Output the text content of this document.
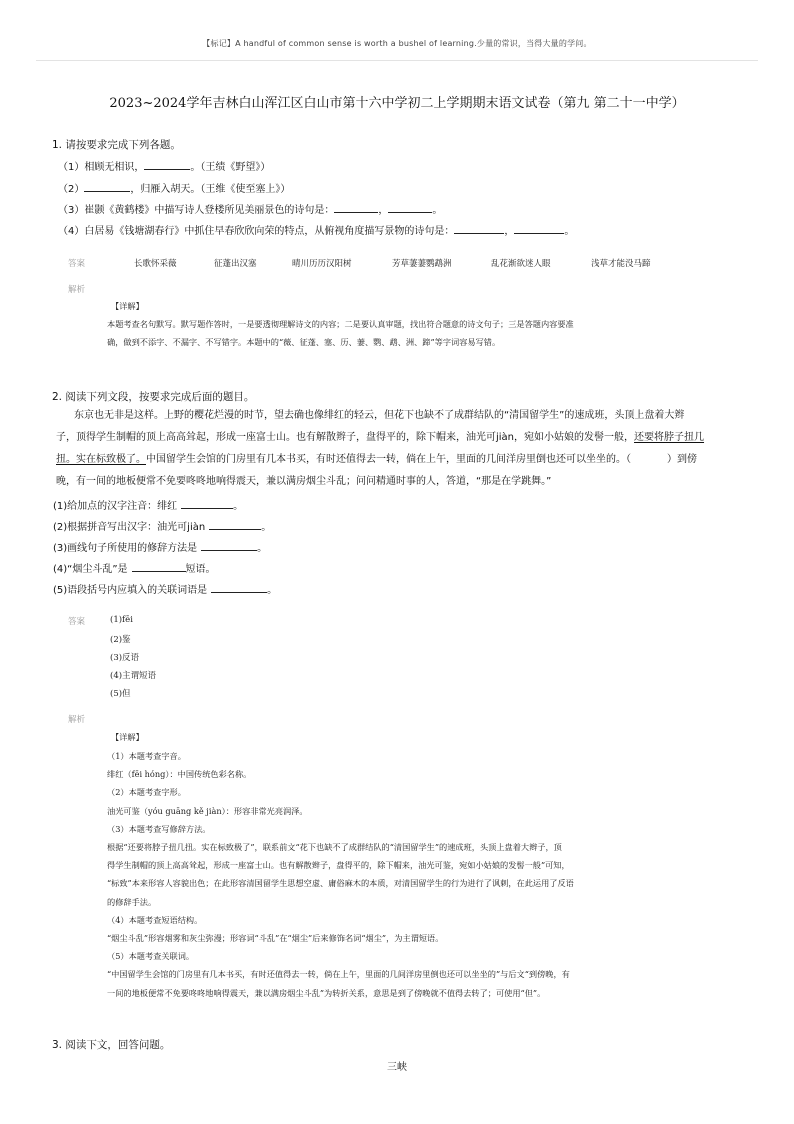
【标记】A handful of common sense is worth a bushel of learning.少量的常识，当得大量的学问。
2023~2024学年吉林白山浑江区白山市第十六中学初二上学期期末语文试卷（第九 第二十一中学）
1. 请按要求完成下列各题。
（1）相顾无相识，	。（王绩《野望》）
（2）	，归雁入胡天。（王维《使至塞上》）
（3）崔颢《黄鹤楼》中描写诗人登楼所见美丽景色的诗句是：	，	。
（4）白居易《钱塘湖春行》中抓住早春欣欣向荣的特点，从俯视角度描写景物的诗句是：	，	。
答案	长歌怀采薇	征蓬出汉塞	晴川历历汉阳树	芳草萋萋鹦鹉洲	乱花渐欲迷人眼	浅草才能没马蹄
解析
【详解】
本题考查名句默写。默写题作答时，一是要透彻理解诗文的内容；二是要认真审题，找出符合题意的诗文句子；三是答题内容要准
确，做到不添字、不漏字、不写错字。本题中的“薇、征蓬、塞、历、萋、鹦、鹉、洲、蹄”等字词容易写错。
2. 阅读下列文段，按要求完成后面的题目。
东京也无非是这样。上野的樱花烂漫的时节，望去确也像绯红的轻云，但花下也缺不了成群结队的“清国留学生”的速成班，头顶上盘着大辫
子，顶得学生制帽的顶上高高耸起，形成一座富士山。也有解散辫子，盘得平的，除下帽来，油光可jiàn，宛如小姑娘的发髻一般，还要将脖子扭几
扭。实在标致极了。中国留学生会馆的门房里有几本书买，有时还值得去一转，倘在上午，里面的几间洋房里倒也还可以坐坐的。（	）到傍
晚，有一间的地板便常不免要咚咚地响得震天，兼以满房烟尘斗乱；问问精通时事的人，答道，“那是在学跳舞。”
(1)给加点的汉字注音：绯红	。
(2)根据拼音写出汉字：油光可jiàn	。
(3)画线句子所使用的修辞方法是	。
(4)“烟尘斗乱”是	短语。
(5)语段括号内应填入的关联词语是	。
答案	(1)fēi
(2)鉴
(3)反语
(4)主谓短语
(5)但
解析
【详解】
（1）本题考查字音。
绯红（fēi hóng）：中国传统色彩名称。
（2）本题考查字形。
油光可鉴（yóu guāng kě jiàn）：形容非常光亮润泽。
（3）本题考查写修辞方法。
根据“还要将脖子扭几扭。实在标致极了”，联系前文“花下也缺不了成群结队的“清国留学生”的速成班，头顶上盘着大辫子，顶
得学生制帽的顶上高高耸起，形成一座富士山。也有解散辫子，盘得平的，除下帽来，油光可鉴，宛如小姑娘的发髻一般”可知，
“标致”本来形容人容貌出色；在此形容清国留学生思想空虚、庸俗麻木的本质，对清国留学生的行为进行了讽刺，在此运用了反语
的修辞手法。
（4）本题考查短语结构。
“烟尘斗乱”形容烟雾和灰尘弥漫；形容词“斗乱”在“烟尘”后来修饰名词“烟尘”，为主谓短语。
（5）本题考查关联词。
“中国留学生会馆的门房里有几本书买，有时还值得去一转，倘在上午，里面的几间洋房里倒也还可以坐坐的”与后文“到傍晚，有
一间的地板便常不免要咚咚地响得震天，兼以满房烟尘斗乱”为转折关系，意思是到了傍晚就不值得去转了；可使用“但”。
3. 阅读下文，回答问题。
三峡
